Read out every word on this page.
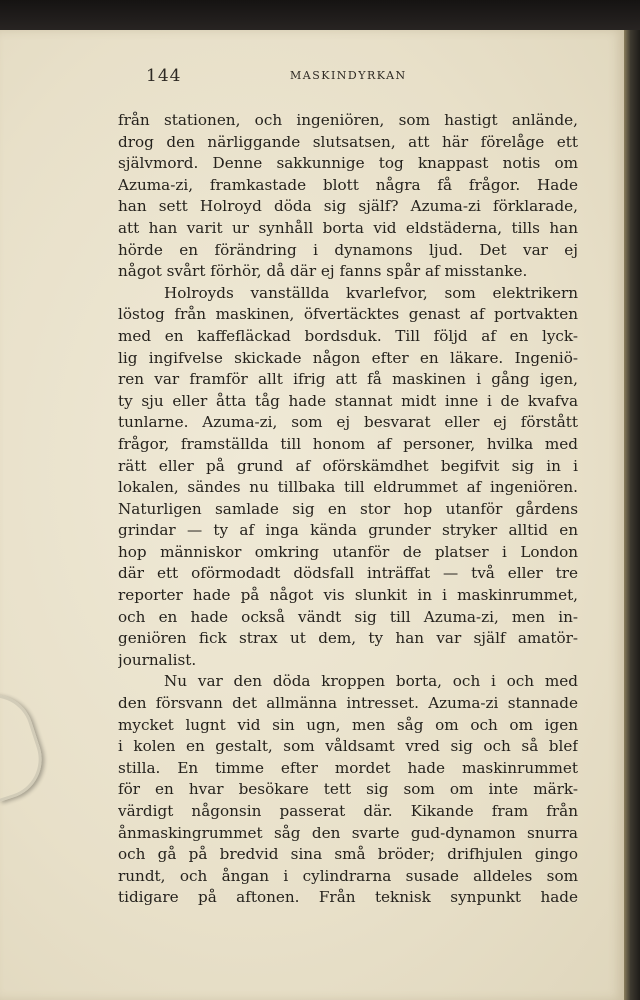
144	MASKINDYRKAN
från stationen, och ingeniören, som hastigt anlände,
drog den närliggande slutsatsen, att här förelåge ett
självmord. Denne sakkunnige tog knappast notis om
Azuma-zi, framkastade blott några få frågor. Hade
han sett Holroyd döda sig själf? Azuma-zi förklarade,
att han varit ur synhåll borta vid eldstäderna, tills han
hörde en förändring i dynamons ljud. Det var ej
något svårt förhör, då där ej fanns spår af misstanke.
Holroyds vanställda kvarlefvor, som elektrikern
löstog från maskinen, öfvertäcktes genast af portvakten
med en kaffefläckad bordsduk. Till följd af en lyck-
lig ingifvelse skickade någon efter en läkare. Ingeniö-
ren var framför allt ifrig att få maskinen i gång igen,
ty sju eller åtta tåg hade stannat midt inne i de kvafva
tunlarne. Azuma-zi, som ej besvarat eller ej förstått
frågor, framställda till honom af personer, hvilka med
rätt eller på grund af oförskämdhet begifvit sig in i
lokalen, sändes nu tillbaka till eldrummet af ingeniören.
Naturligen samlade sig en stor hop utanför gårdens
grindar — ty af inga kända grunder stryker alltid en
hop människor omkring utanför de platser i London
där ett oförmodadt dödsfall inträffat — två eller tre
reporter hade på något vis slunkit in i maskinrummet,
och en hade också vändt sig till Azuma-zi, men in-
geniören fick strax ut dem, ty han var själf amatör-
journalist.
Nu var den döda kroppen borta, och i och med
den försvann det allmänna intresset. Azuma-zi stannade
mycket lugnt vid sin ugn, men såg om och om igen
i kolen en gestalt, som våldsamt vred sig och så blef
stilla. En timme efter mordet hade maskinrummet
för en hvar besökare tett sig som om inte märk-
värdigt någonsin passerat där. Kikande fram från
ånmaskingrummet såg den svarte gud-dynamon snurra
och gå på bredvid sina små bröder; drifhjulen gingo
rundt, och ångan i cylindrarna susade alldeles som
tidigare på aftonen. Från teknisk synpunkt hade
